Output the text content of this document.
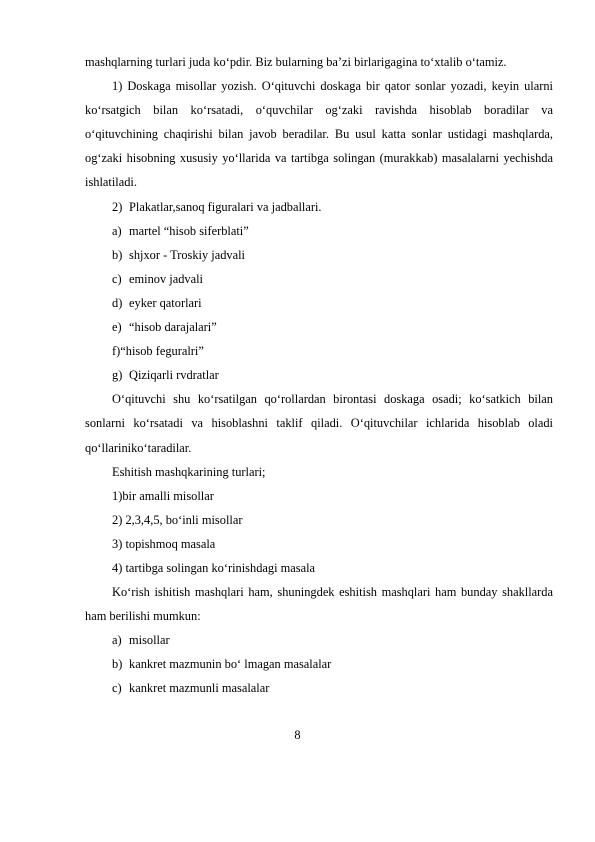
mashqlarning turlari juda ko‘pdir. Biz bularning ba’zi birlarigagina to‘xtalib o‘tamiz.

1) Doskaga misollar yozish. O‘qituvchi doskaga bir qator sonlar yozadi, keyin ularni ko‘rsatgich bilan ko‘rsatadi, o‘quvchilar og‘zaki ravishda hisoblab boradilar va o‘qituvchining chaqirishi bilan javob beradilar. Bu usul katta sonlar ustidagi mashqlarda, og‘zaki hisobning xususiy yo‘llarida va tartibga solingan (murakkab) masalalarni yechishda ishlatiladi.

2) Plakatlar,sanoq figuralari va jadballari.

a) martel “hisob siferblati”

b) shjxor - Troskiy jadvali

c) eminov jadvali

d) eyker qatorlari

e) “hisob darajalari”

f)“hisob feguralri”

g) Qiziqarli rvdratlar

O‘qituvchi shu ko‘rsatilgan qo‘rollardan birontasi doskaga osadi; ko‘satkich bilan sonlarni ko‘rsatadi va hisoblashni taklif qiladi. O‘qituvchilar ichlarida hisoblab oladi qo‘llariniko‘taradilar.

Eshitish mashqkarining turlari;

1)bir amalli misollar

2) 2,3,4,5, bo‘inli misollar

3) topishmoq masala

4) tartibga solingan ko‘rinishdagi masala

Ko‘rish ishitish mashqlari ham, shuningdek eshitish mashqlari ham bunday shakllarda ham berilishi mumkun:

a) misollar

b) kankret mazmunin bo‘ lmagan masalalar

c) kankret mazmunli masalalar

8
